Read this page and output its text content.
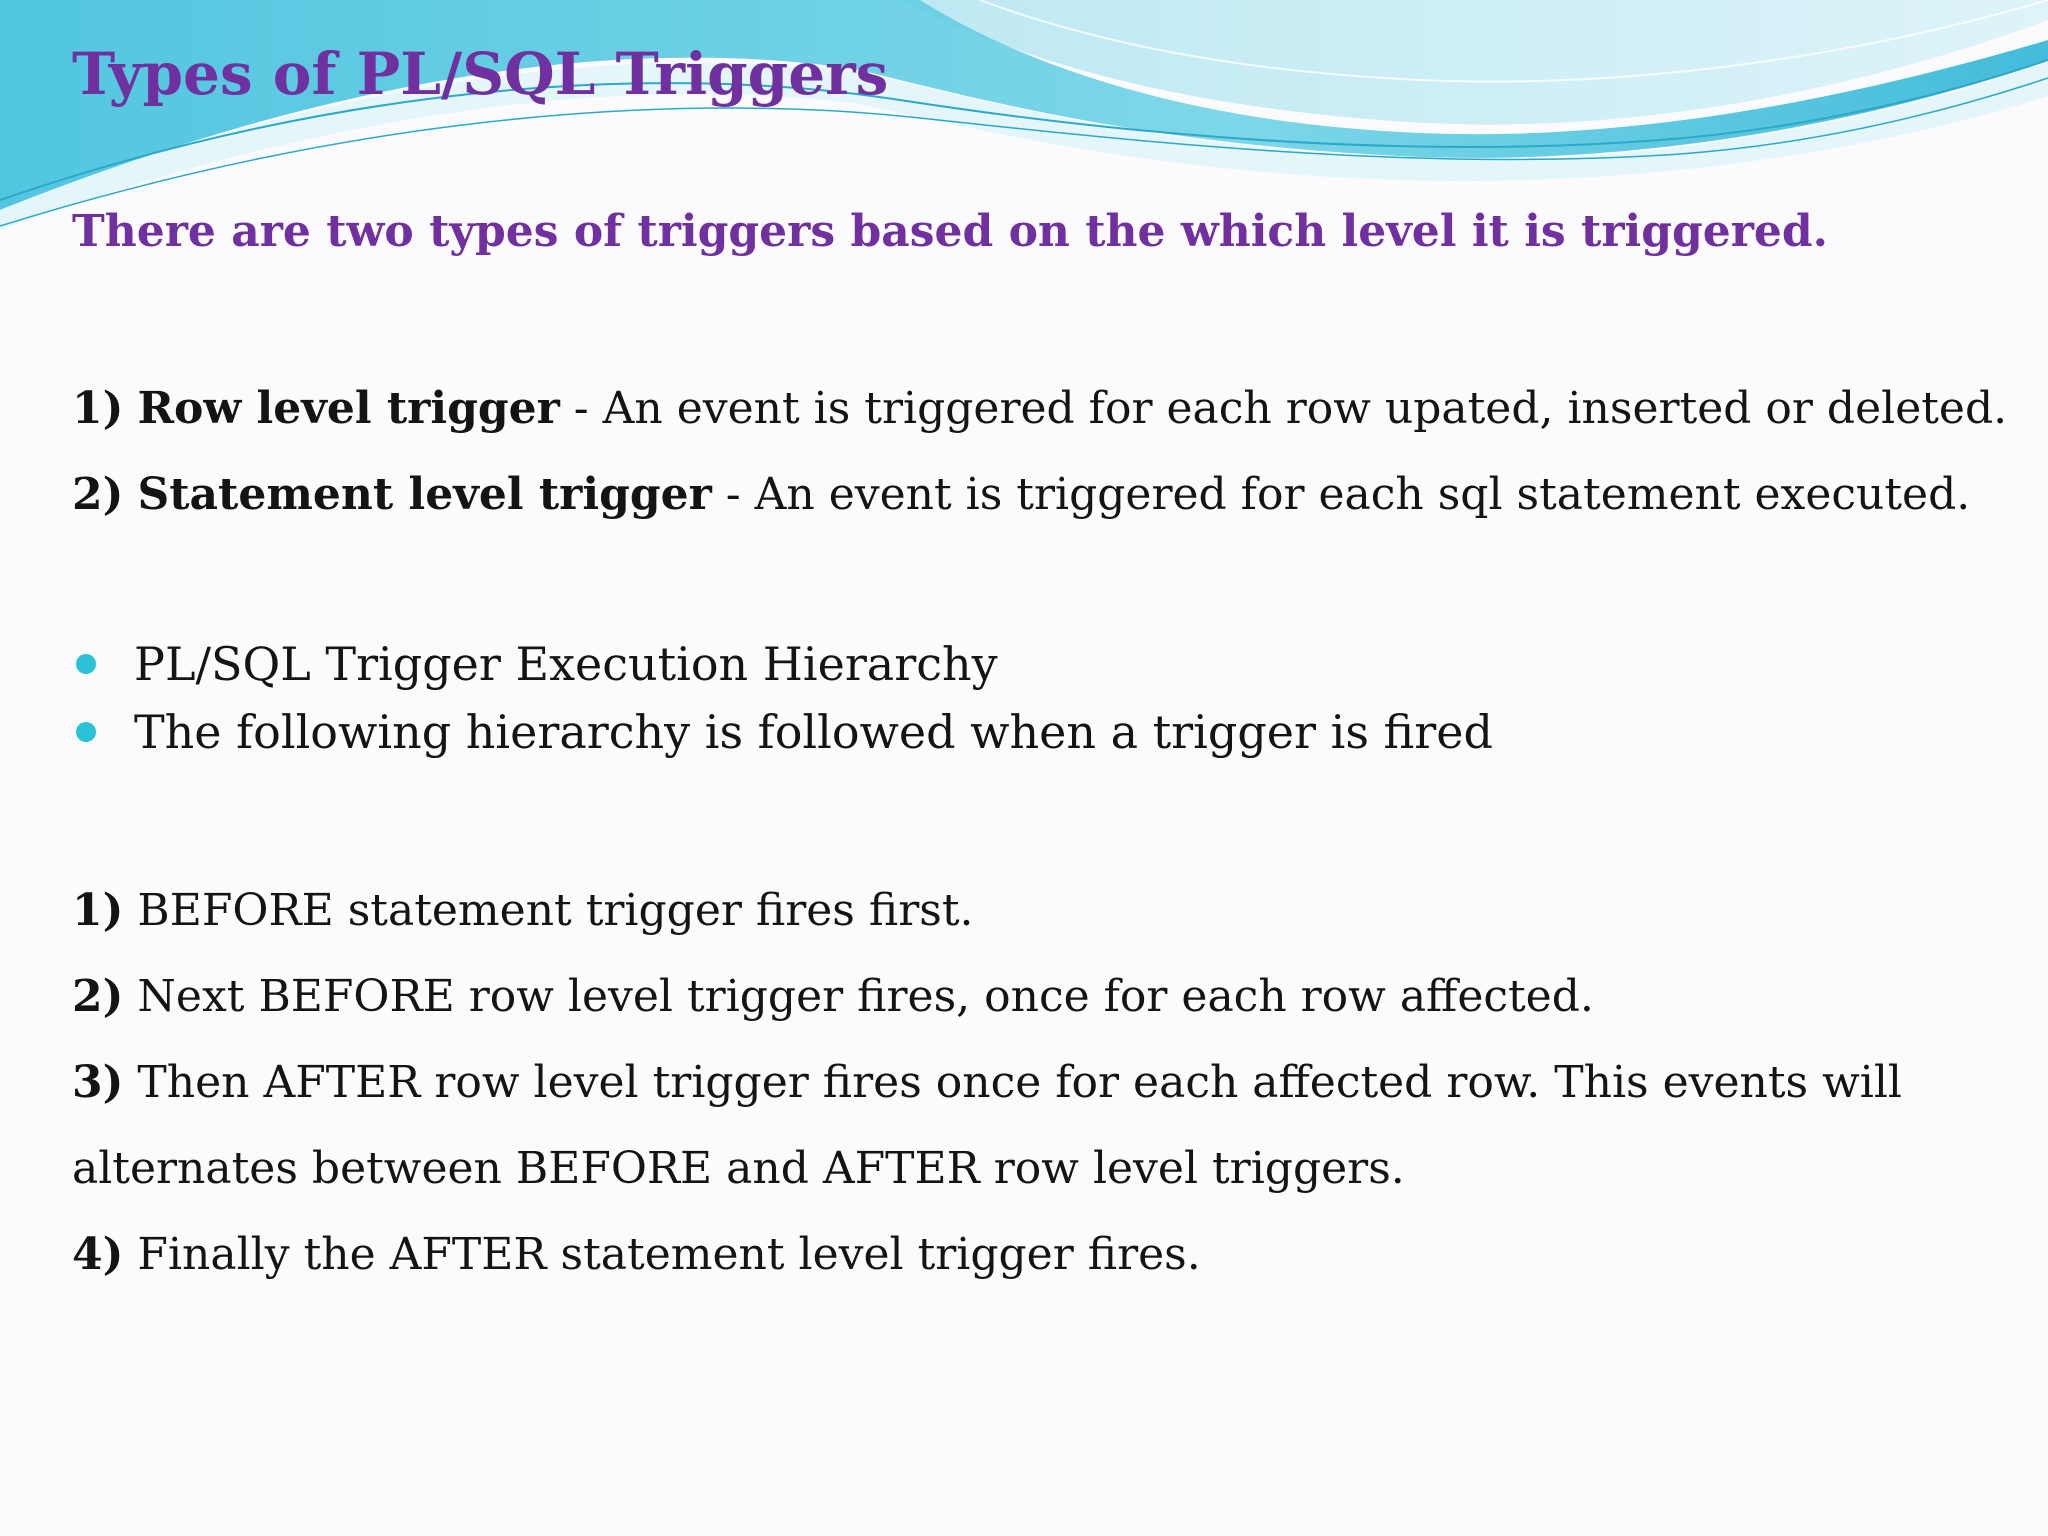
Types of PL/SQL Triggers
There are two types of triggers based on the which level it is triggered.
1) Row level trigger - An event is triggered for each row upated, inserted or deleted.
2) Statement level trigger - An event is triggered for each sql statement executed.
PL/SQL Trigger Execution Hierarchy
The following hierarchy is followed when a trigger is fired
1) BEFORE statement trigger fires first.
2) Next BEFORE row level trigger fires, once for each row affected.
3) Then AFTER row level trigger fires once for each affected row. This events will
alternates between BEFORE and AFTER row level triggers.
4) Finally the AFTER statement level trigger fires.
